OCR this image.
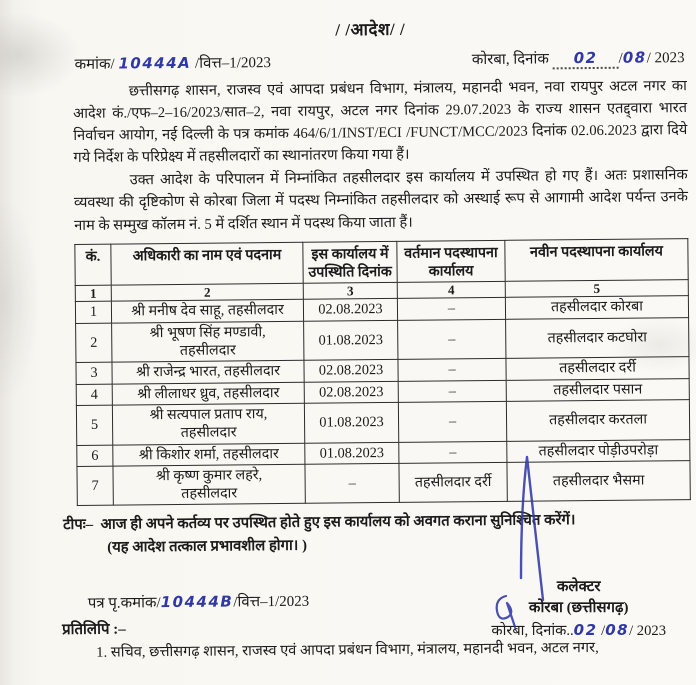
/ /आदेश/ /
कमांक/ 10444A /वित्त–1/2023	कोरबा, दिनांक 02 /08/ 2023

छत्तीसगढ़ शासन, राजस्व एवं आपदा प्रबंधन विभाग, मंत्रालय, महानदी भवन, नवा रायपुर अटल नगर का आदेश कं./एफ–2–16/2023/सात–2, नवा रायपुर, अटल नगर दिनांक 29.07.2023 के राज्य शासन एतद्द्वारा भारत निर्वाचन आयोग, नई दिल्ली के पत्र कमांक 464/6/1/INST/ECI /FUNCT/MCC/2023 दिनांक 02.06.2023 द्वारा दिये गये निर्देश के परिप्रेक्ष्य में तहसीलदारों का स्थानांतरण किया गया हैं।

उक्त आदेश के परिपालन में निम्नांकित तहसीलदार इस कार्यालय में उपस्थित हो गए हैं। अतः प्रशासनिक व्यवस्था की दृष्टिकोण से कोरबा जिला में पदस्थ निम्नांकित तहसीलदार को अस्थाई रूप से आगामी आदेश पर्यन्त उनके नाम के सम्मुख कॉलम नं. 5 में दर्शित स्थान में पदस्थ किया जाता हैं।

कं.	अधिकारी का नाम एवं पदनाम	इस कार्यालय में उपस्थिति दिनांक	वर्तमान पदस्थापना कार्यालय	नवीन पदस्थापना कार्यालय
1	2	3	4	5
1	श्री मनीष देव साहू, तहसीलदार	02.08.2023	–	तहसीलदार कोरबा
2	श्री भूषण सिंह मण्डावी,
तहसीलदार	01.08.2023	–	तहसीलदार कटघोरा
3	श्री राजेन्द्र भारत, तहसीलदार	02.08.2023	–	तहसीलदार दर्री
4	श्री लीलाधर ध्रुव, तहसीलदार	02.08.2023	–	तहसीलदार पसान
5	श्री सत्यपाल प्रताप राय,
तहसीलदार	01.08.2023	–	तहसीलदार करतला
6	श्री किशोर शर्मा, तहसीलदार	01.08.2023	–	तहसीलदार पोड़ीउपरोड़ा
7	श्री कृष्ण कुमार लहरे,
तहसीलदार	–	तहसीलदार दर्री	तहसीलदार भैसमा
टीपः– आज ही अपने कर्तव्य पर उपस्थित होते हुए इस कार्यालय को अवगत कराना सुनिश्चित करेंगें।
(यह आदेश तत्काल प्रभावशील होगा। )
पत्र पृ.कमांक/10444B/वित्त–1/2023
प्रतिलिपि :–
1. सचिव, छत्तीसगढ़ शासन, राजस्व एवं आपदा प्रबंधन विभाग, मंत्रालय, महानदी भवन, अटल नगर,
कलेक्टर
कोरबा (छत्तीसगढ़)
कोरबा, दिनांक..02 /08/ 2023
